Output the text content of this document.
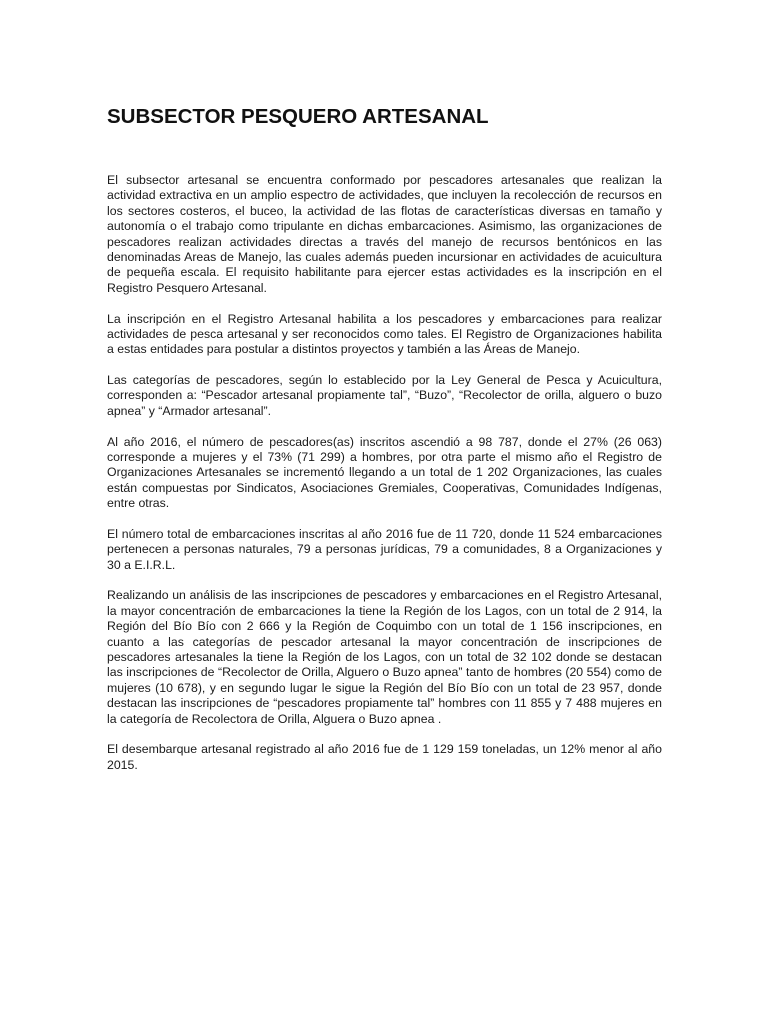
SUBSECTOR PESQUERO ARTESANAL

El subsector artesanal se encuentra conformado por pescadores artesanales que realizan la actividad extractiva en un amplio espectro de actividades, que incluyen la recolección de recursos en los sectores costeros, el buceo, la actividad de las flotas de características diversas en tamaño y autonomía o el trabajo como tripulante en dichas embarcaciones. Asimismo, las organizaciones de pescadores realizan actividades directas a través del manejo de recursos bentónicos en las denominadas Areas de Manejo, las cuales además pueden incursionar en actividades de acuicultura de pequeña escala. El requisito habilitante para ejercer estas actividades es la inscripción en el Registro Pesquero Artesanal.

La inscripción en el Registro Artesanal habilita a los pescadores y embarcaciones para realizar actividades de pesca artesanal y ser reconocidos como tales. El Registro de Organizaciones habilita a estas entidades para postular a distintos proyectos y también a las Áreas de Manejo.

Las categorías de pescadores, según lo establecido por la Ley General de Pesca y Acuicultura, corresponden a: “Pescador artesanal propiamente tal”, “Buzo”, “Recolector de orilla, alguero o buzo apnea” y “Armador artesanal”.

Al año 2016, el número de pescadores(as) inscritos ascendió a 98 787, donde el 27% (26 063) corresponde a mujeres y el 73% (71 299) a hombres, por otra parte el mismo año el Registro de Organizaciones Artesanales se incrementó llegando a un total de 1 202 Organizaciones, las cuales están compuestas por Sindicatos, Asociaciones Gremiales, Cooperativas, Comunidades Indígenas, entre otras.

El número total de embarcaciones inscritas al año 2016 fue de 11 720, donde 11 524 embarcaciones pertenecen a personas naturales, 79 a personas jurídicas, 79 a comunidades, 8 a Organizaciones y 30 a E.I.R.L.

Realizando un análisis de las inscripciones de pescadores y embarcaciones en el Registro Artesanal, la mayor concentración de embarcaciones la tiene la Región de los Lagos, con un total de 2 914, la Región del Bío Bío con 2 666 y la Región de Coquimbo con un total de 1 156 inscripciones, en cuanto a las categorías de pescador artesanal la mayor concentración de inscripciones de pescadores artesanales la tiene la Región de los Lagos, con un total de 32 102 donde se destacan las inscripciones de “Recolector de Orilla, Alguero o Buzo apnea” tanto de hombres (20 554) como de mujeres (10 678), y en segundo lugar le sigue la Región del Bío Bío con un total de 23 957, donde destacan las inscripciones de “pescadores propiamente tal” hombres con 11 855 y 7 488 mujeres en la categoría de Recolectora de Orilla, Alguera o Buzo apnea .

El desembarque artesanal registrado al año 2016 fue de 1 129 159 toneladas, un 12% menor al año 2015.
